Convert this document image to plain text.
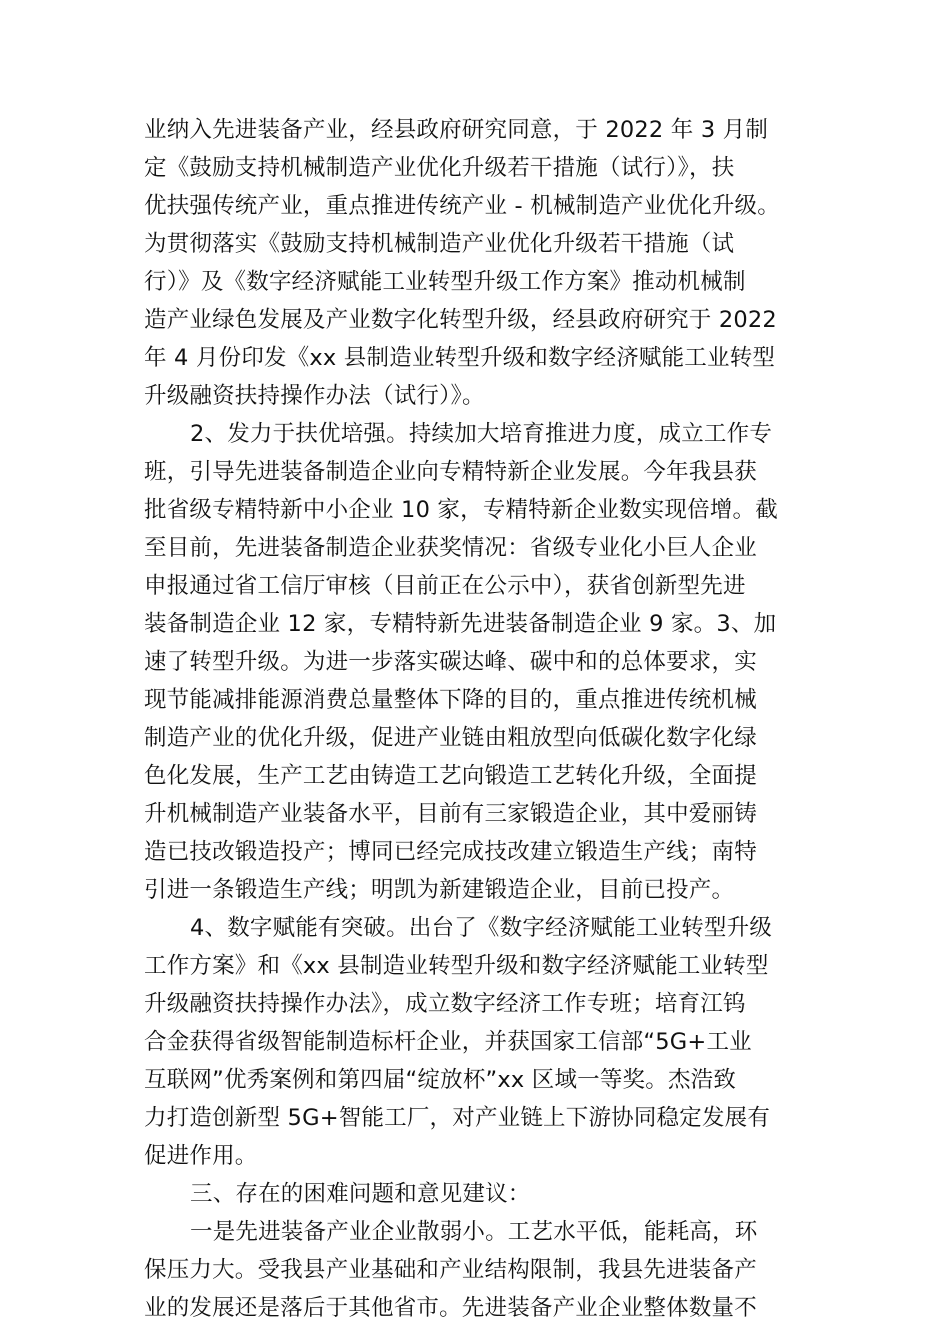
业纳入先进装备产业，经县政府研究同意，于 2022 年 3 月制
定《鼓励支持机械制造产业优化升级若干措施（试行）》，扶
优扶强传统产业，重点推进传统产业 - 机械制造产业优化升级。
为贯彻落实《鼓励支持机械制造产业优化升级若干措施（试
行）》及《数字经济赋能工业转型升级工作方案》推动机械制
造产业绿色发展及产业数字化转型升级，经县政府研究于 2022
年 4 月份印发《xx 县制造业转型升级和数字经济赋能工业转型
升级融资扶持操作办法（试行）》。
2、发力于扶优培强。持续加大培育推进力度，成立工作专
班，引导先进装备制造企业向专精特新企业发展。今年我县获
批省级专精特新中小企业 10 家，专精特新企业数实现倍增。截
至目前，先进装备制造企业获奖情况：省级专业化小巨人企业
申报通过省工信厅审核（目前正在公示中），获省创新型先进
装备制造企业 12 家，专精特新先进装备制造企业 9 家。3、加
速了转型升级。为进一步落实碳达峰、碳中和的总体要求，实
现节能减排能源消费总量整体下降的目的，重点推进传统机械
制造产业的优化升级，促进产业链由粗放型向低碳化数字化绿
色化发展，生产工艺由铸造工艺向锻造工艺转化升级，全面提
升机械制造产业装备水平，目前有三家锻造企业，其中爱丽铸
造已技改锻造投产；博同已经完成技改建立锻造生产线；南特
引进一条锻造生产线；明凯为新建锻造企业，目前已投产。
4、数字赋能有突破。出台了《数字经济赋能工业转型升级
工作方案》和《xx 县制造业转型升级和数字经济赋能工业转型
升级融资扶持操作办法》，成立数字经济工作专班；培育江钨
合金获得省级智能制造标杆企业，并获国家工信部“5G+工业
互联网”优秀案例和第四届“绽放杯”xx 区域一等奖。杰浩致
力打造创新型 5G+智能工厂，对产业链上下游协同稳定发展有
促进作用。
三、存在的困难问题和意见建议：
一是先进装备产业企业散弱小。工艺水平低，能耗高，环
保压力大。受我县产业基础和产业结构限制，我县先进装备产
业的发展还是落后于其他省市。先进装备产业企业整体数量不
